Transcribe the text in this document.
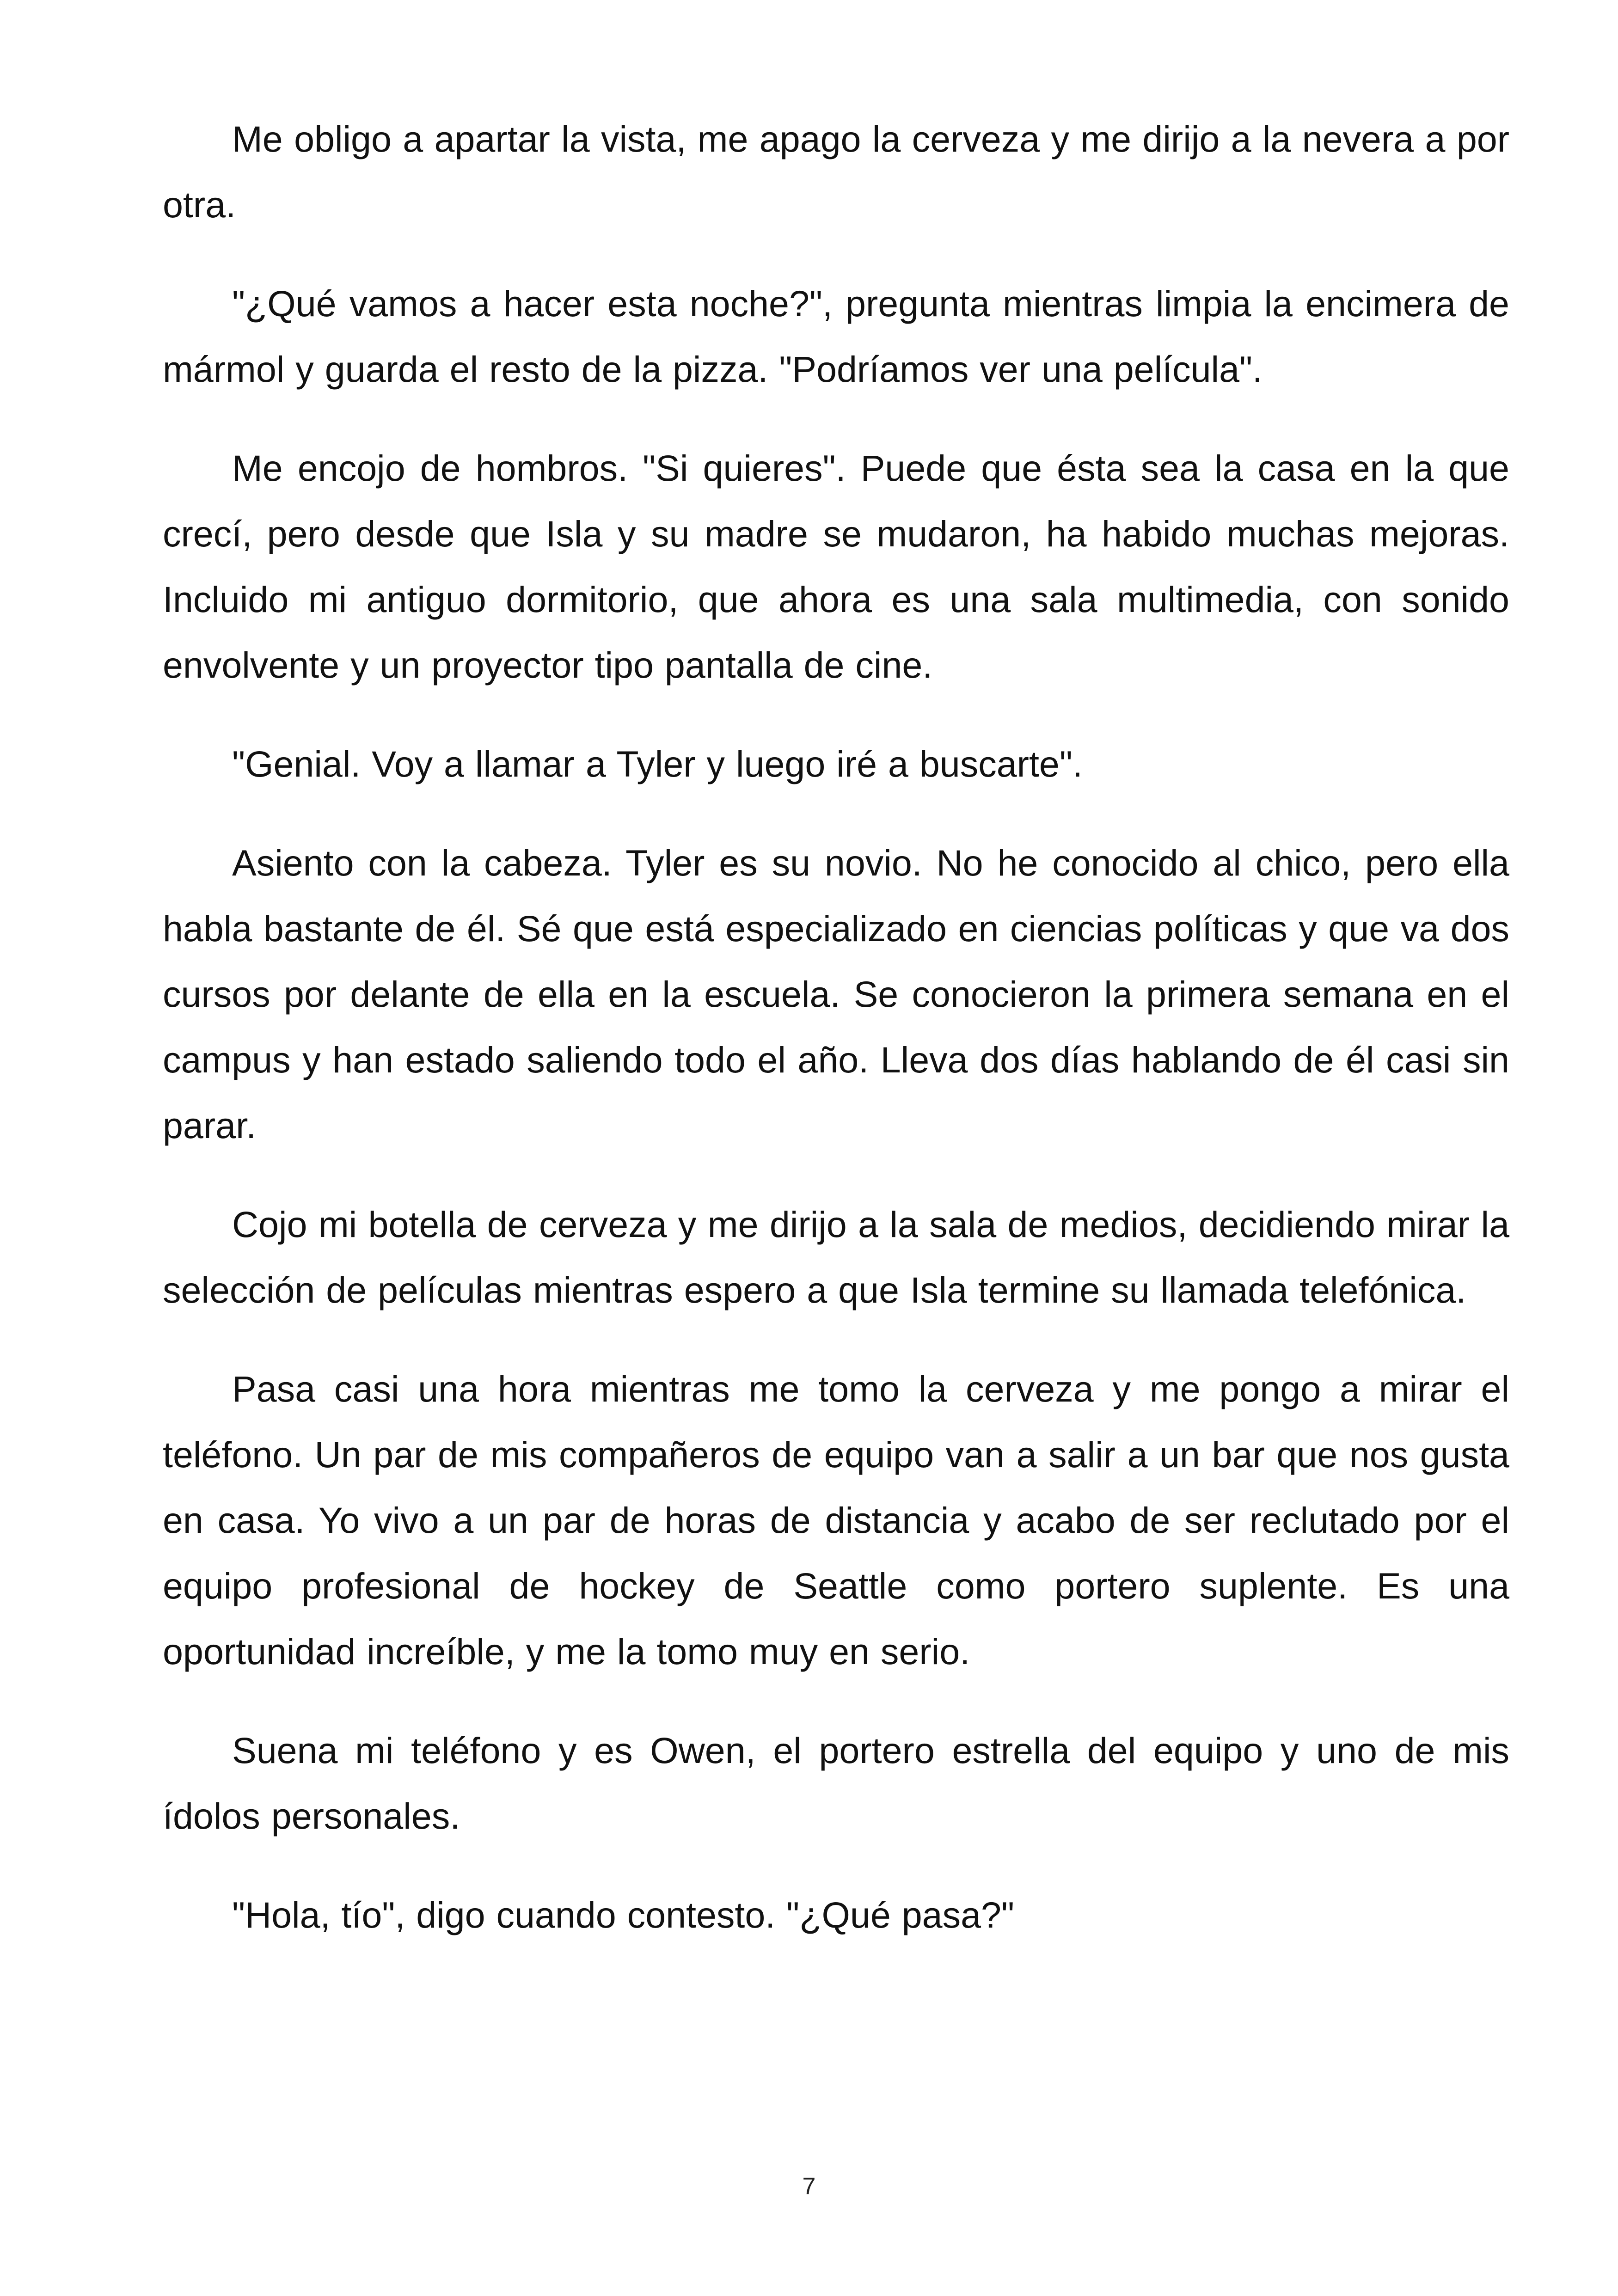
Me obligo a apartar la vista, me apago la cerveza y me dirijo a la nevera a por otra.

"¿Qué vamos a hacer esta noche?", pregunta mientras limpia la encimera de mármol y guarda el resto de la pizza. "Podríamos ver una película".

Me encojo de hombros. "Si quieres". Puede que ésta sea la casa en la que crecí, pero desde que Isla y su madre se mudaron, ha habido muchas mejoras. Incluido mi antiguo dormitorio, que ahora es una sala multimedia, con sonido envolvente y un proyector tipo pantalla de cine.

"Genial. Voy a llamar a Tyler y luego iré a buscarte".

Asiento con la cabeza. Tyler es su novio. No he conocido al chico, pero ella habla bastante de él. Sé que está especializado en ciencias políticas y que va dos cursos por delante de ella en la escuela. Se conocieron la primera semana en el campus y han estado saliendo todo el año. Lleva dos días hablando de él casi sin parar.

Cojo mi botella de cerveza y me dirijo a la sala de medios, decidiendo mirar la selección de películas mientras espero a que Isla termine su llamada telefónica.

Pasa casi una hora mientras me tomo la cerveza y me pongo a mirar el teléfono. Un par de mis compañeros de equipo van a salir a un bar que nos gusta en casa. Yo vivo a un par de horas de distancia y acabo de ser reclutado por el equipo profesional de hockey de Seattle como portero suplente. Es una oportunidad increíble, y me la tomo muy en serio.

Suena mi teléfono y es Owen, el portero estrella del equipo y uno de mis ídolos personales.

"Hola, tío", digo cuando contesto. "¿Qué pasa?"

7
